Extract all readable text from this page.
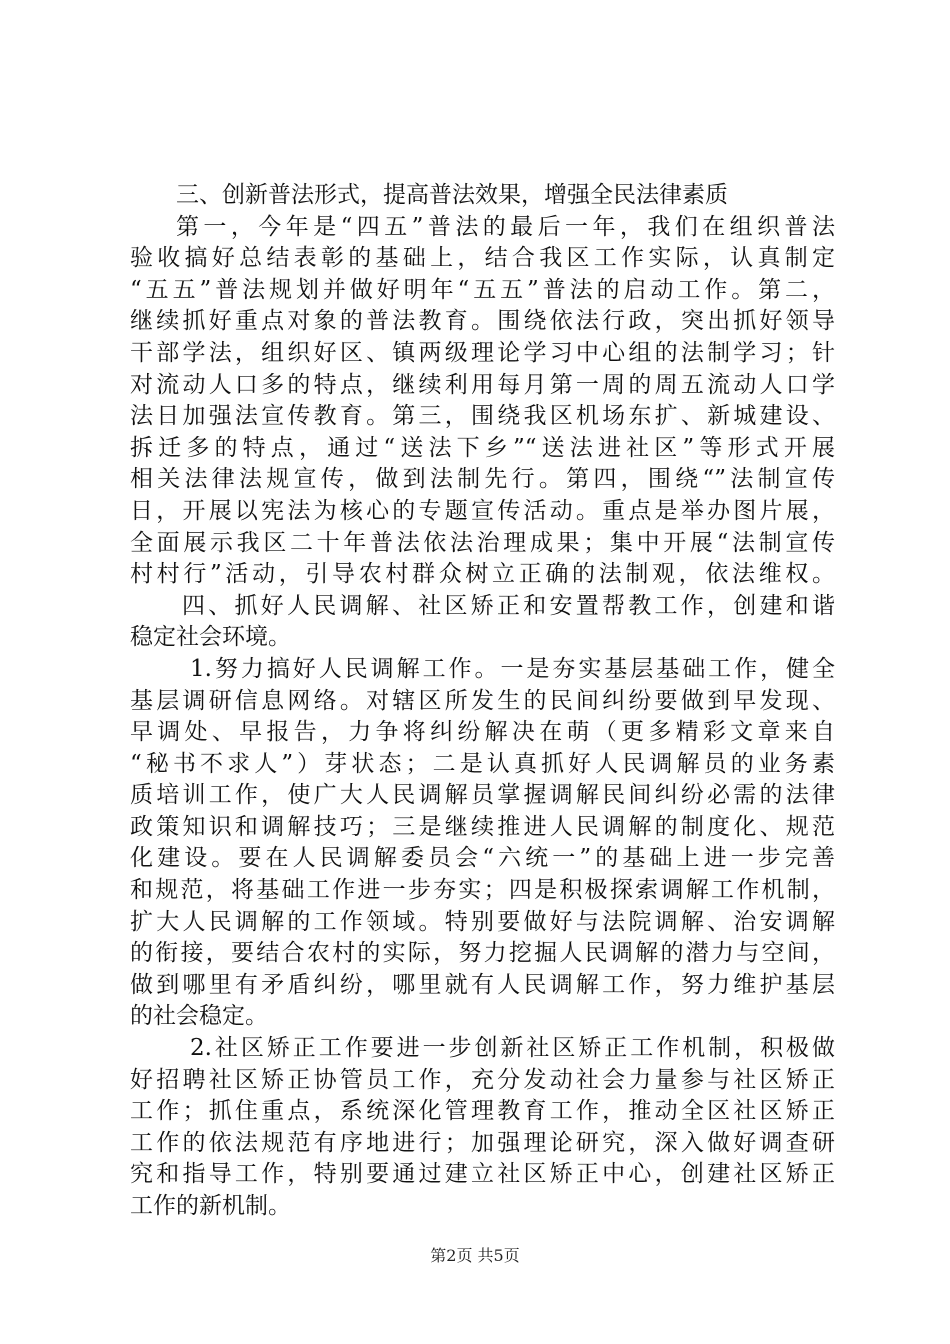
三、创新普法形式，提高普法效果，增强全民法律素质
第一，今年是“四五”普法的最后一年，我们在组织普法
验收搞好总结表彰的基础上，结合我区工作实际，认真制定
“五五”普法规划并做好明年“五五”普法的启动工作。第二，
继续抓好重点对象的普法教育。围绕依法行政，突出抓好领导
干部学法，组织好区、镇两级理论学习中心组的法制学习；针
对流动人口多的特点，继续利用每月第一周的周五流动人口学
法日加强法宣传教育。第三，围绕我区机场东扩、新城建设、
拆迁多的特点，通过“送法下乡”“送法进社区”等形式开展
相关法律法规宣传，做到法制先行。第四，围绕“”法制宣传
日，开展以宪法为核心的专题宣传活动。重点是举办图片展，
全面展示我区二十年普法依法治理成果；集中开展“法制宣传
村村行”活动，引导农村群众树立正确的法制观，依法维权。
四、抓好人民调解、社区矫正和安置帮教工作，创建和谐
稳定社会环境。
1.努力搞好人民调解工作。一是夯实基层基础工作，健全
基层调研信息网络。对辖区所发生的民间纠纷要做到早发现、
早调处、早报告，力争将纠纷解决在萌（更多精彩文章来自
“秘书不求人”）芽状态；二是认真抓好人民调解员的业务素
质培训工作，使广大人民调解员掌握调解民间纠纷必需的法律
政策知识和调解技巧；三是继续推进人民调解的制度化、规范
化建设。要在人民调解委员会“六统一”的基础上进一步完善
和规范，将基础工作进一步夯实；四是积极探索调解工作机制，
扩大人民调解的工作领域。特别要做好与法院调解、治安调解
的衔接，要结合农村的实际，努力挖掘人民调解的潜力与空间，
做到哪里有矛盾纠纷，哪里就有人民调解工作，努力维护基层
的社会稳定。
2.社区矫正工作要进一步创新社区矫正工作机制，积极做
好招聘社区矫正协管员工作，充分发动社会力量参与社区矫正
工作；抓住重点，系统深化管理教育工作，推动全区社区矫正
工作的依法规范有序地进行；加强理论研究，深入做好调查研
究和指导工作，特别要通过建立社区矫正中心，创建社区矫正
工作的新机制。
第2页 共5页
